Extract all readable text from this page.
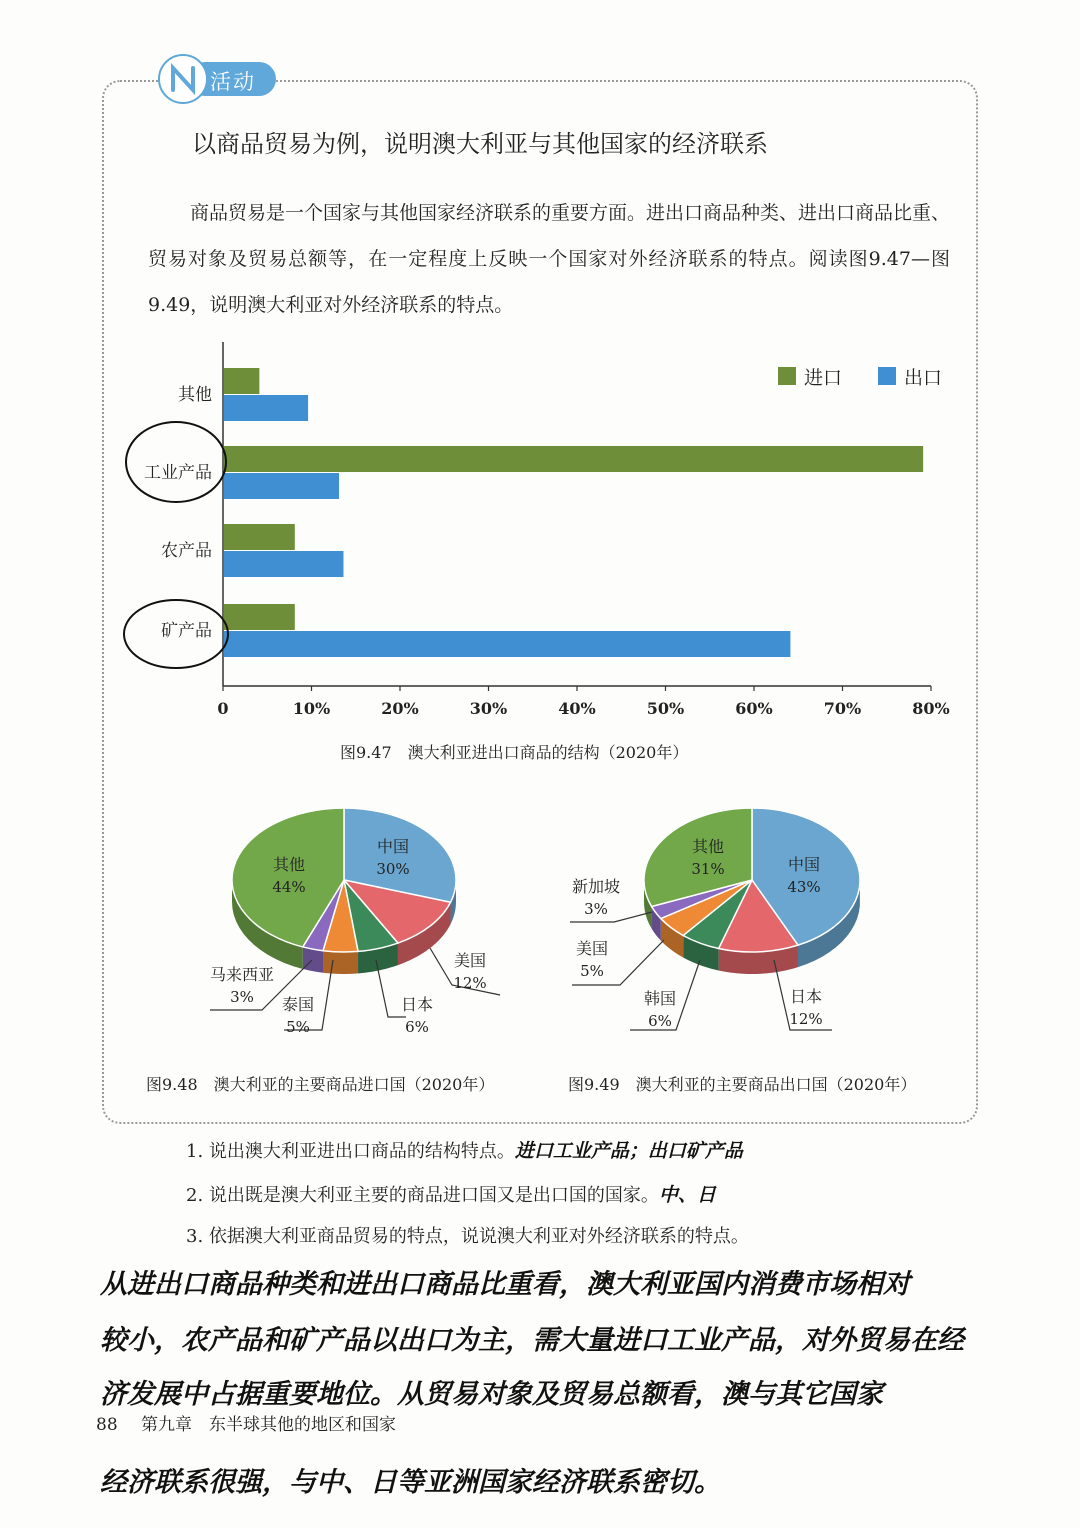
活动
以商品贸易为例，说明澳大利亚与其他国家的经济联系
商品贸易是一个国家与其他国家经济联系的重要方面。进出口商品种类、进出口商品比重、贸易对象及贸易总额等，在一定程度上反映一个国家对外经济联系的特点。阅读图9.47—图9.49，说明澳大利亚对外经济联系的特点。
0	10%	20%	30%	40%	50%	60%	70%	80%
其他
工业产品
农产品
矿产品
进口	出口
图9.47　澳大利亚进出口商品的结构（2020年）
中国
30%
美国
12%
日本
6%
泰国
5%
马来西亚
3%
其他
44%
中国
43%
日本
12%
韩国
6%
美国
5%
新加坡
3%
其他
31%
图9.48　澳大利亚的主要商品进口国（2020年）	图9.49　澳大利亚的主要商品出口国（2020年）
1. 说出澳大利亚进出口商品的结构特点。进口工业产品；出口矿产品
2. 说出既是澳大利亚主要的商品进口国又是出口国的国家。中、日
3. 依据澳大利亚商品贸易的特点，说说澳大利亚对外经济联系的特点。
从进出口商品种类和进出口商品比重看，澳大利亚国内消费市场相对
较小，农产品和矿产品以出口为主，需大量进口工业产品，对外贸易在经
济发展中占据重要地位。从贸易对象及贸易总额看，澳与其它国家
经济联系很强，与中、日等亚洲国家经济联系密切。
88 第九章　东半球其他的地区和国家
